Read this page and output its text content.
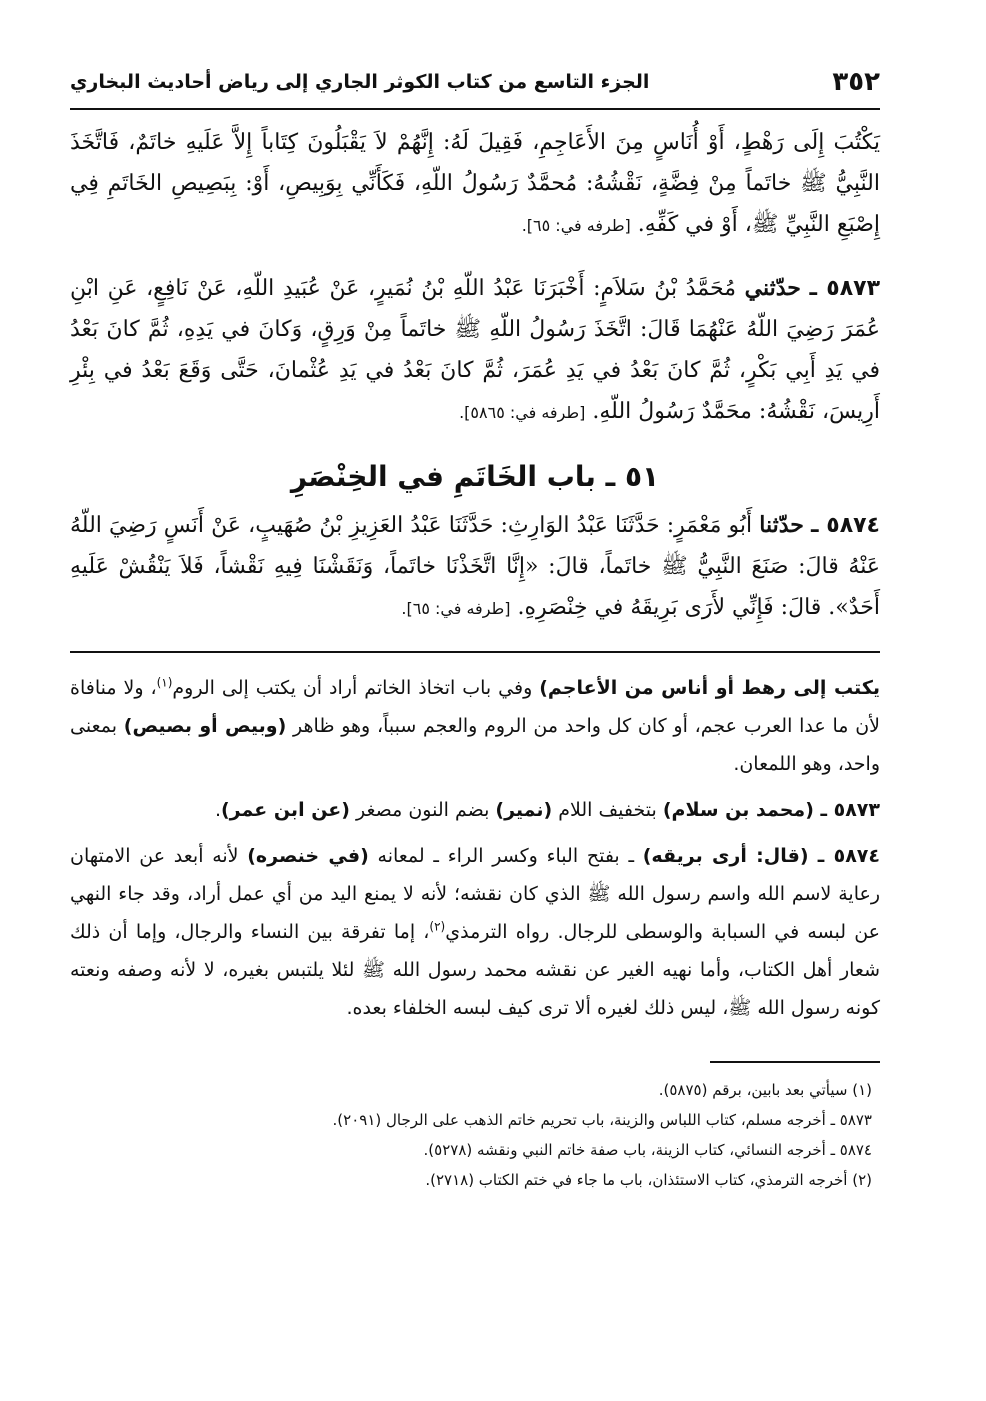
٣٥٢
الجزء التاسع من كتاب الكوثر الجاري إلى رياض أحاديث البخاري

يَكْتُبَ إِلَى رَهْطٍ، أَوْ أُنَاسٍ مِنَ الأَعَاجِمِ، فَقِيلَ لَهُ: إِنَّهُمْ لاَ يَقْبَلُونَ كِتَاباً إِلاَّ عَلَيهِ خاتَمٌ، فَاتَّخَذَ النَّبِيُّ ﷺ خاتَماً مِنْ فِضَّةٍ، نَقْشُهُ: مُحمَّدٌ رَسُولُ اللّهِ، فَكَأَنِّي بِوَبِيصِ، أَوْ: بِبَصِيصِ الخَاتَمِ فِي إِصْبَعِ النَّبِيِّ ﷺ، أَوْ في كَفِّهِ. [طرفه في: ٦٥].

٥٨٧٣ ـ حدّثني مُحَمَّدُ بْنُ سَلاَمٍ: أَخْبَرَنَا عَبْدُ اللّهِ بْنُ نُمَيرٍ، عَنْ عُبَيدِ اللّهِ، عَنْ نَافِعٍ، عَنِ ابْنِ عُمَرَ رَضِيَ اللّهُ عَنْهُمَا قَالَ: اتَّخَذَ رَسُولُ اللّهِ ﷺ خاتَماً مِنْ وَرِقٍ، وَكانَ في يَدِهِ، ثُمَّ كانَ بَعْدُ في يَدِ أَبِي بَكْرٍ، ثُمَّ كانَ بَعْدُ في يَدِ عُمَرَ، ثُمَّ كانَ بَعْدُ في يَدِ عُثْمانَ، حَتَّى وَقَعَ بَعْدُ في بِئْرِ أَرِيسَ، نَقْشُهُ: محَمَّدٌ رَسُولُ اللّهِ. [طرفه في: ٥٨٦٥].

٥١ ـ باب الخَاتَمِ في الخِنْصَرِ

٥٨٧٤ ـ حدّثنا أَبُو مَعْمَرٍ: حَدَّثَنَا عَبْدُ الوَارِثِ: حَدَّثَنَا عَبْدُ العَزِيزِ بْنُ صُهَيبٍ، عَنْ أَنَسٍ رَضِيَ اللّهُ عَنْهُ قالَ: صَنَعَ النَّبِيُّ ﷺ خاتَماً، قالَ: «إِنَّا اتَّخَذْنَا خاتَماً، وَنَقَشْنَا فِيهِ نَقْشاً، فَلاَ يَنْقُشْ عَلَيهِ أَحَدٌ». قالَ: فَإِنِّي لأَرَى بَرِيقَهُ في خِنْصَرِهِ. [طرفه في: ٦٥].

يكتب إلى رهط أو أناس من الأعاجم) وفي باب اتخاذ الخاتم أراد أن يكتب إلى الروم$^{(١)}$، ولا منافاة لأن ما عدا العرب عجم، أو كان كل واحد من الروم والعجم سبباً، وهو ظاهر (وبيص أو بصيص) بمعنى واحد، وهو اللمعان.

٥٨٧٣ ـ (محمد بن سلام) بتخفيف اللام (نمير) بضم النون مصغر (عن ابن عمر).

٥٨٧٤ ـ (قال: أرى بريقه) ـ بفتح الباء وكسر الراء ـ لمعانه (في خنصره) لأنه أبعد عن الامتهان رعاية لاسم الله واسم رسول الله ﷺ الذي كان نقشه؛ لأنه لا يمنع اليد من أي عمل أراد، وقد جاء النهي عن لبسه في السبابة والوسطى للرجال. رواه الترمذي$^{(٢)}$، إما تفرقة بين النساء والرجال، وإما أن ذلك شعار أهل الكتاب، وأما نهيه الغير عن نقشه محمد رسول الله ﷺ لئلا يلتبس بغيره، لا لأنه وصفه ونعته كونه رسول الله ﷺ، ليس ذلك لغيره ألا ترى كيف لبسه الخلفاء بعده.

(١) سيأتي بعد بابين، برقم (٥٨٧٥).
٥٨٧٣ ـ أخرجه مسلم، كتاب اللباس والزينة، باب تحريم خاتم الذهب على الرجال (٢٠٩١).
٥٨٧٤ ـ أخرجه النسائي، كتاب الزينة، باب صفة خاتم النبي ونقشه (٥٢٧٨).
(٢) أخرجه الترمذي، كتاب الاستئذان، باب ما جاء في ختم الكتاب (٢٧١٨).
